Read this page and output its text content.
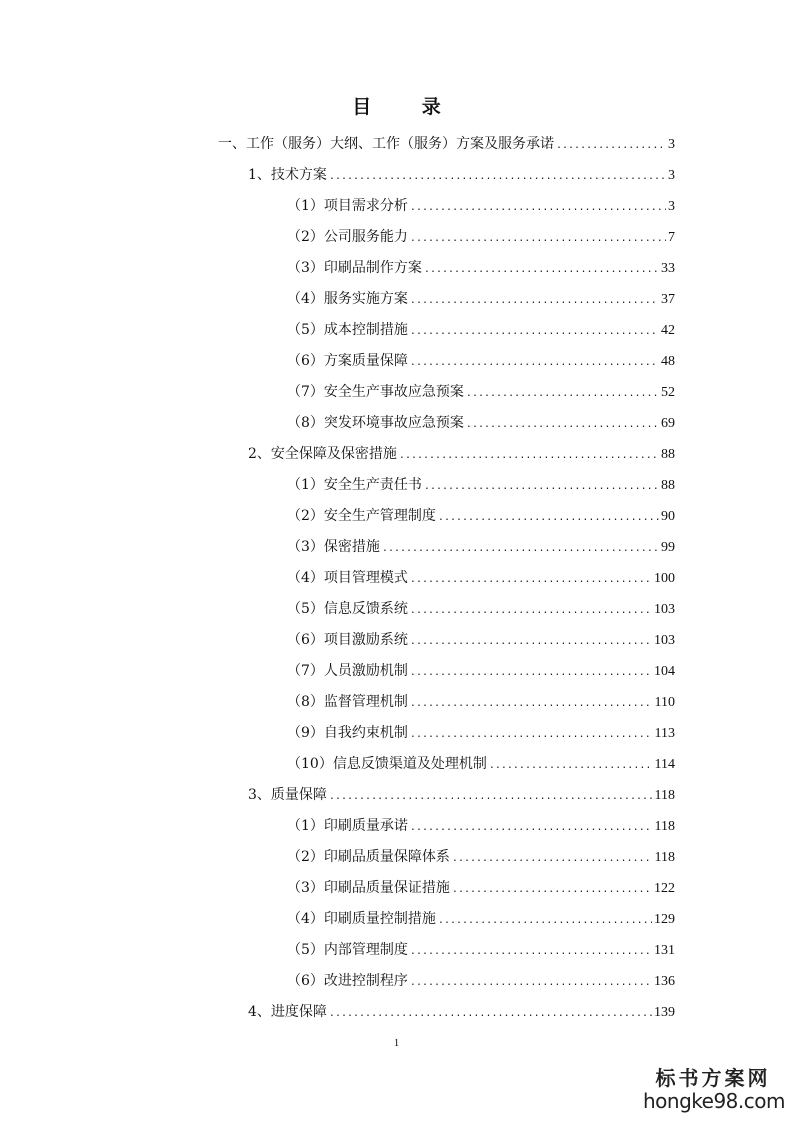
目 录
一、工作（服务）大纲、工作（服务）方案及服务承诺 .....	3
1、技术方案 .....	3
（1）项目需求分析 .....	3
（2）公司服务能力 .....	7
（3）印刷品制作方案 .....	33
（4）服务实施方案 .....	37
（5）成本控制措施 .....	42
（6）方案质量保障 .....	48
（7）安全生产事故应急预案 .....	52
（8）突发环境事故应急预案 .....	69
2、安全保障及保密措施 .....	88
（1）安全生产责任书 .....	88
（2）安全生产管理制度 .....	90
（3）保密措施 .....	99
（4）项目管理模式 .....	100
（5）信息反馈系统 .....	103
（6）项目激励系统 .....	103
（7）人员激励机制 .....	104
（8）监督管理机制 .....	110
（9）自我约束机制 .....	113
（10）信息反馈渠道及处理机制 .....	114
3、质量保障 .....	118
（1）印刷质量承诺 .....	118
（2）印刷品质量保障体系 .....	118
（3）印刷品质量保证措施 .....	122
（4）印刷质量控制措施 .....	129
（5）内部管理制度 .....	131
（6）改进控制程序 .....	136
4、进度保障 .....	139
1
标书方案网
hongke98.com
